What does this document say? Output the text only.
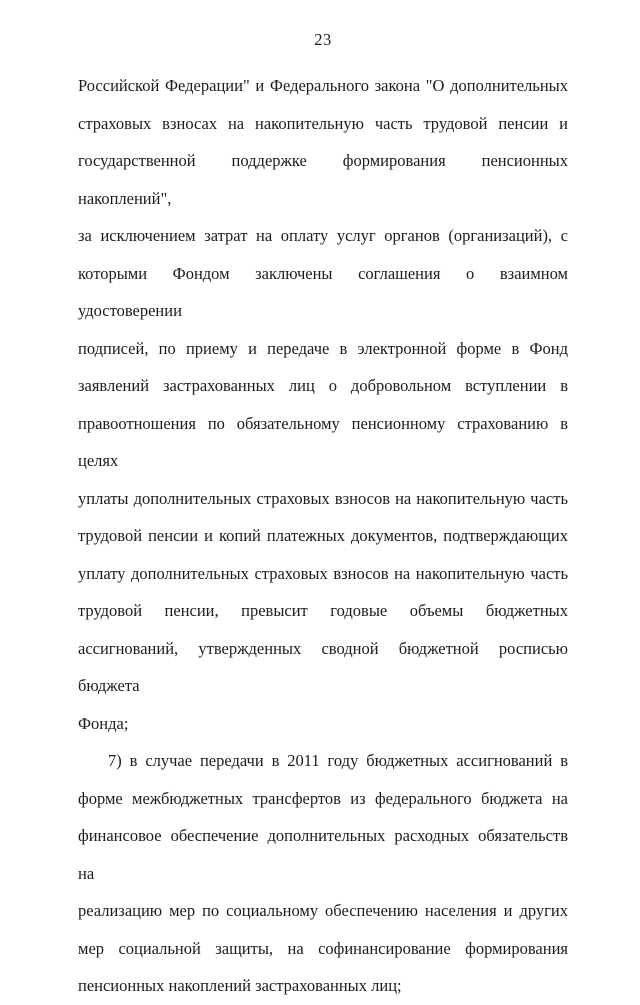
23
Российской Федерации" и Федерального закона "О дополнительных
страховых взносах на накопительную часть трудовой пенсии и
государственной поддержке формирования пенсионных накоплений",
за исключением затрат на оплату услуг органов (организаций), с
которыми Фондом заключены соглашения о взаимном удостоверении
подписей, по приему и передаче в электронной форме в Фонд
заявлений застрахованных лиц о добровольном вступлении в
правоотношения по обязательному пенсионному страхованию в целях
уплаты дополнительных страховых взносов на накопительную часть
трудовой пенсии и копий платежных документов, подтверждающих
уплату дополнительных страховых взносов на накопительную часть
трудовой пенсии, превысит годовые объемы бюджетных
ассигнований, утвержденных сводной бюджетной росписью бюджета
Фонда;
7) в случае передачи в 2011 году бюджетных ассигнований в
форме межбюджетных трансфертов из федерального бюджета на
финансовое обеспечение дополнительных расходных обязательств на
реализацию мер по социальному обеспечению населения и других
мер социальной защиты, на софинансирование формирования
пенсионных накоплений застрахованных лиц;
